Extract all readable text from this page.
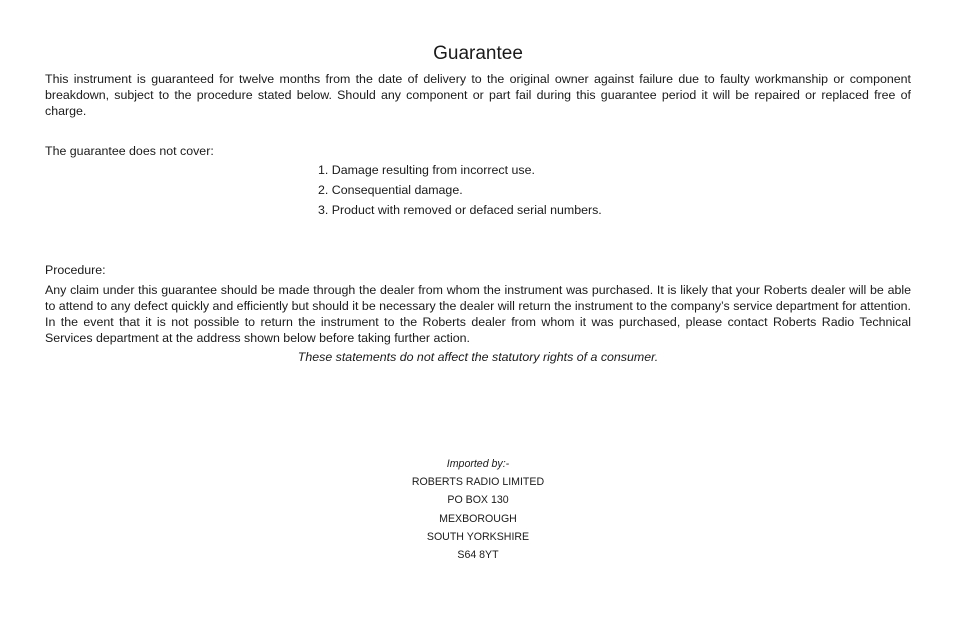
Guarantee

This instrument is guaranteed for twelve months from the date of delivery to the original owner against failure due to faulty workmanship or component breakdown, subject to the procedure stated below. Should any component or part fail during this guarantee period it will be repaired or replaced free of charge.

The guarantee does not cover:

1. Damage resulting from incorrect use.
2. Consequential damage.
3. Product with removed or defaced serial numbers.

Procedure:

Any claim under this guarantee should be made through the dealer from whom the instrument was purchased. It is likely that your Roberts dealer will be able to attend to any defect quickly and efficiently but should it be necessary the dealer will return the instrument to the company’s service department for attention. In the event that it is not possible to return the instrument to the Roberts dealer from whom it was purchased, please contact Roberts Radio Technical Services department at the address shown below before taking further action.

These statements do not affect the statutory rights of a consumer.

Imported by:-
ROBERTS RADIO LIMITED
PO BOX 130
MEXBOROUGH
SOUTH YORKSHIRE
S64 8YT
